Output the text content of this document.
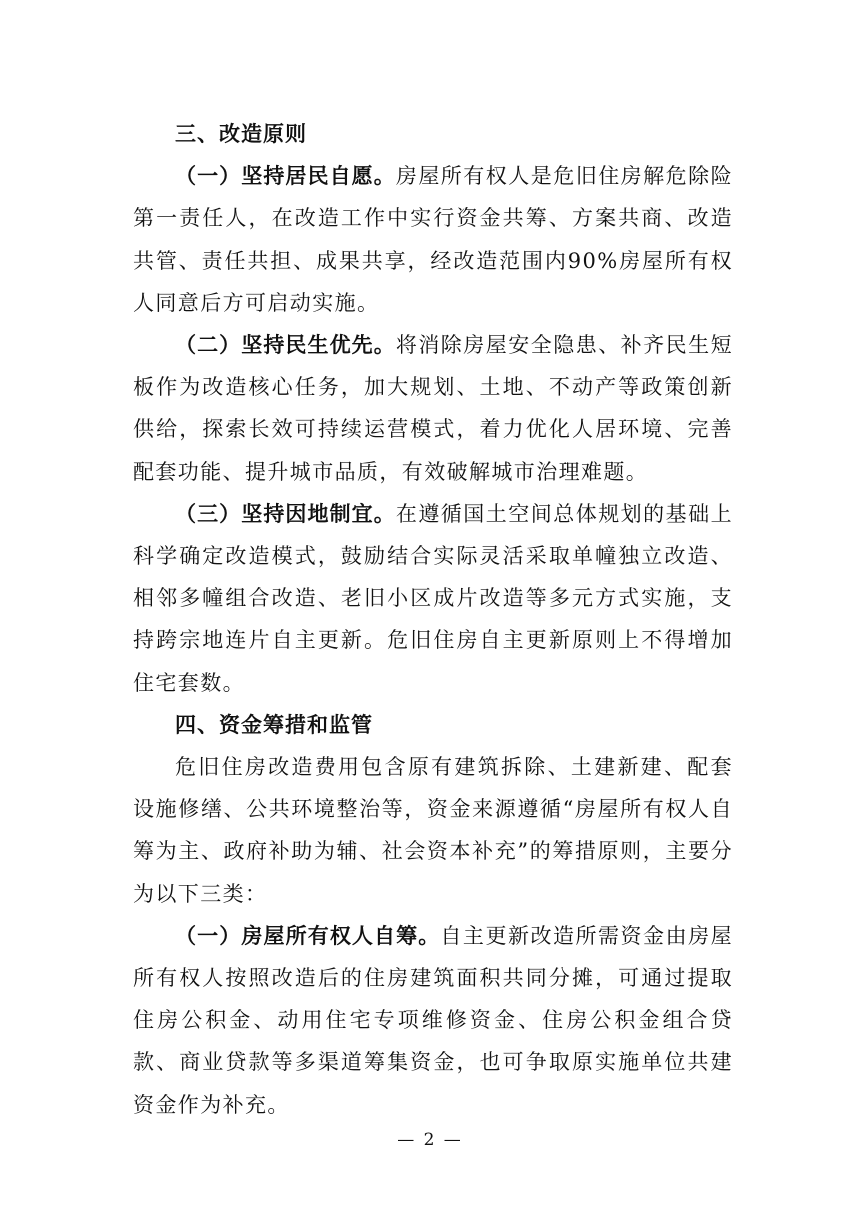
三、改造原则

（一）坚持居民自愿。房屋所有权人是危旧住房解危除险第一责任人，在改造工作中实行资金共筹、方案共商、改造共管、责任共担、成果共享，经改造范围内90%房屋所有权人同意后方可启动实施。

（二）坚持民生优先。将消除房屋安全隐患、补齐民生短板作为改造核心任务，加大规划、土地、不动产等政策创新供给，探索长效可持续运营模式，着力优化人居环境、完善配套功能、提升城市品质，有效破解城市治理难题。

（三）坚持因地制宜。在遵循国土空间总体规划的基础上科学确定改造模式，鼓励结合实际灵活采取单幢独立改造、相邻多幢组合改造、老旧小区成片改造等多元方式实施，支持跨宗地连片自主更新。危旧住房自主更新原则上不得增加住宅套数。

四、资金筹措和监管

危旧住房改造费用包含原有建筑拆除、土建新建、配套设施修缮、公共环境整治等，资金来源遵循“房屋所有权人自筹为主、政府补助为辅、社会资本补充”的筹措原则，主要分为以下三类：

（一）房屋所有权人自筹。自主更新改造所需资金由房屋所有权人按照改造后的住房建筑面积共同分摊，可通过提取住房公积金、动用住宅专项维修资金、住房公积金组合贷款、商业贷款等多渠道筹集资金，也可争取原实施单位共建资金作为补充。

— 2 —
